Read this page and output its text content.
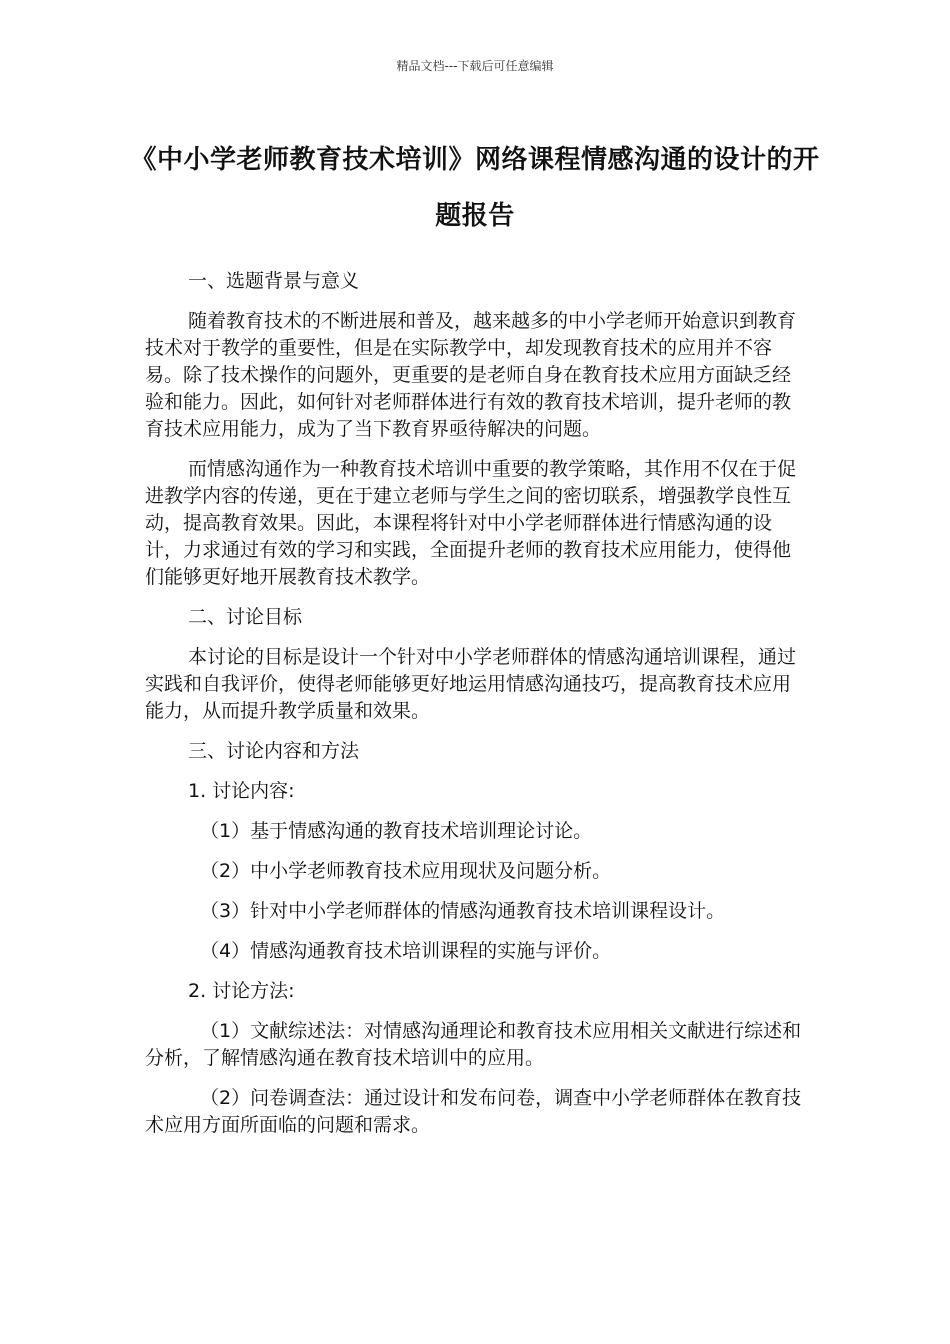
精品文档---下载后可任意编辑
《中小学老师教育技术培训》网络课程情感沟通的设计的开题报告

一、选题背景与意义

随着教育技术的不断进展和普及，越来越多的中小学老师开始意识到教育技术对于教学的重要性，但是在实际教学中，却发现教育技术的应用并不容易。除了技术操作的问题外，更重要的是老师自身在教育技术应用方面缺乏经验和能力。因此，如何针对老师群体进行有效的教育技术培训，提升老师的教育技术应用能力，成为了当下教育界亟待解决的问题。

而情感沟通作为一种教育技术培训中重要的教学策略，其作用不仅在于促进教学内容的传递，更在于建立老师与学生之间的密切联系，增强教学良性互动，提高教育效果。因此，本课程将针对中小学老师群体进行情感沟通的设计，力求通过有效的学习和实践，全面提升老师的教育技术应用能力，使得他们能够更好地开展教育技术教学。

二、讨论目标

本讨论的目标是设计一个针对中小学老师群体的情感沟通培训课程，通过实践和自我评价，使得老师能够更好地运用情感沟通技巧，提高教育技术应用能力，从而提升教学质量和效果。

三、讨论内容和方法

1. 讨论内容:

（1）基于情感沟通的教育技术培训理论讨论。

（2）中小学老师教育技术应用现状及问题分析。

（3）针对中小学老师群体的情感沟通教育技术培训课程设计。

（4）情感沟通教育技术培训课程的实施与评价。

2. 讨论方法:

（1）文献综述法：对情感沟通理论和教育技术应用相关文献进行综述和分析，了解情感沟通在教育技术培训中的应用。

（2）问卷调查法：通过设计和发布问卷，调查中小学老师群体在教育技术应用方面所面临的问题和需求。
